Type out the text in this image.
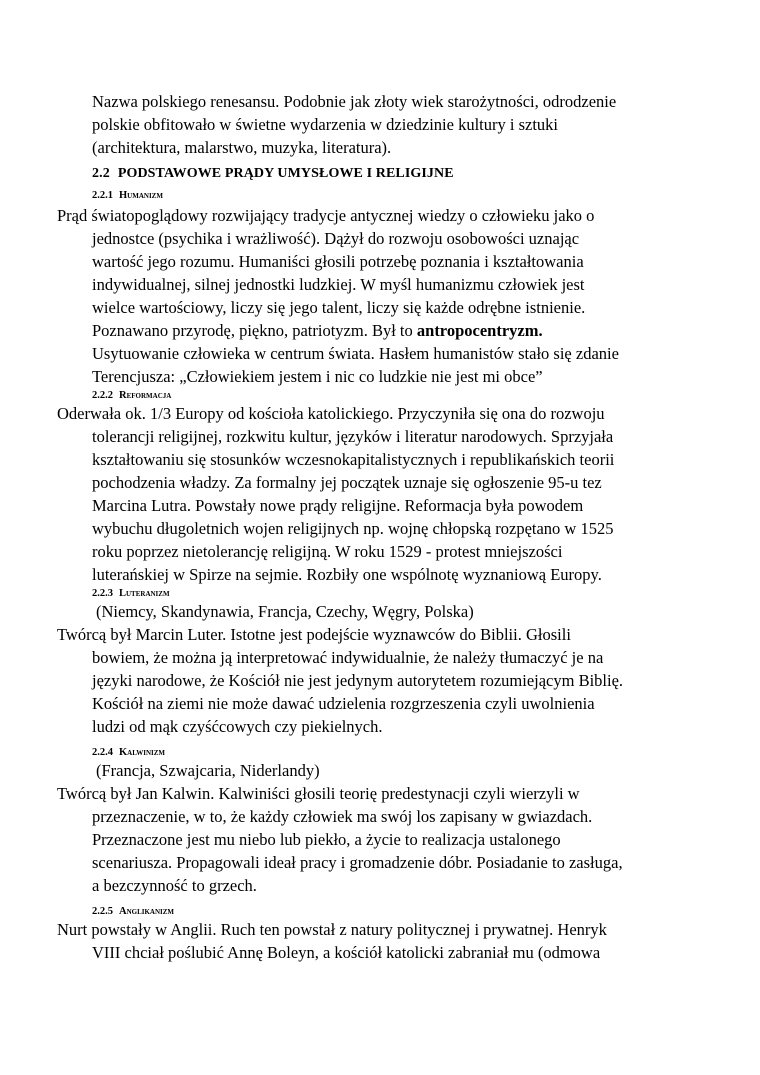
Nazwa polskiego renesansu. Podobnie jak złoty wiek starożytności, odrodzenie
polskie obfitowało w świetne wydarzenia w dziedzinie kultury i sztuki
(architektura, malarstwo, muzyka, literatura).
2.2 PODSTAWOWE PRĄDY UMYSŁOWE I RELIGIJNE
2.2.1 Humanizm
Prąd światopoglądowy rozwijający tradycje antycznej wiedzy o człowieku jako o
jednostce (psychika i wrażliwość). Dążył do rozwoju osobowości uznając
wartość jego rozumu. Humaniści głosili potrzebę poznania i kształtowania
indywidualnej, silnej jednostki ludzkiej. W myśl humanizmu człowiek jest
wielce wartościowy, liczy się jego talent, liczy się każde odrębne istnienie.
Poznawano przyrodę, piękno, patriotyzm. Był to antropocentryzm.
Usytuowanie człowieka w centrum świata. Hasłem humanistów stało się zdanie
Terencjusza: „Człowiekiem jestem i nic co ludzkie nie jest mi obce”
2.2.2 Reformacja
Oderwała ok. 1/3 Europy od kościoła katolickiego. Przyczyniła się ona do rozwoju
tolerancji religijnej, rozkwitu kultur, języków i literatur narodowych. Sprzyjała
kształtowaniu się stosunków wczesnokapitalistycznych i republikańskich teorii
pochodzenia władzy. Za formalny jej początek uznaje się ogłoszenie 95-u tez
Marcina Lutra. Powstały nowe prądy religijne. Reformacja była powodem
wybuchu długoletnich wojen religijnych np. wojnę chłopską rozpętano w 1525
roku poprzez nietolerancję religijną. W roku 1529 - protest mniejszości
luterańskiej w Spirze na sejmie. Rozbiły one wspólnotę wyznaniową Europy.
2.2.3 Luteranizm
(Niemcy, Skandynawia, Francja, Czechy, Węgry, Polska)
Twórcą był Marcin Luter. Istotne jest podejście wyznawców do Biblii. Głosili
bowiem, że można ją interpretować indywidualnie, że należy tłumaczyć je na
języki narodowe, że Kościół nie jest jedynym autorytetem rozumiejącym Biblię.
Kościół na ziemi nie może dawać udzielenia rozgrzeszenia czyli uwolnienia
ludzi od mąk czyśćcowych czy piekielnych.
2.2.4 Kalwinizm
(Francja, Szwajcaria, Niderlandy)
Twórcą był Jan Kalwin. Kalwiniści głosili teorię predestynacji czyli wierzyli w
przeznaczenie, w to, że każdy człowiek ma swój los zapisany w gwiazdach.
Przeznaczone jest mu niebo lub piekło, a życie to realizacja ustalonego
scenariusza. Propagowali ideał pracy i gromadzenie dóbr. Posiadanie to zasługa,
a bezczynność to grzech.
2.2.5 Anglikanizm
Nurt powstały w Anglii. Ruch ten powstał z natury politycznej i prywatnej. Henryk
VIII chciał poślubić Annę Boleyn, a kościół katolicki zabraniał mu (odmowa
